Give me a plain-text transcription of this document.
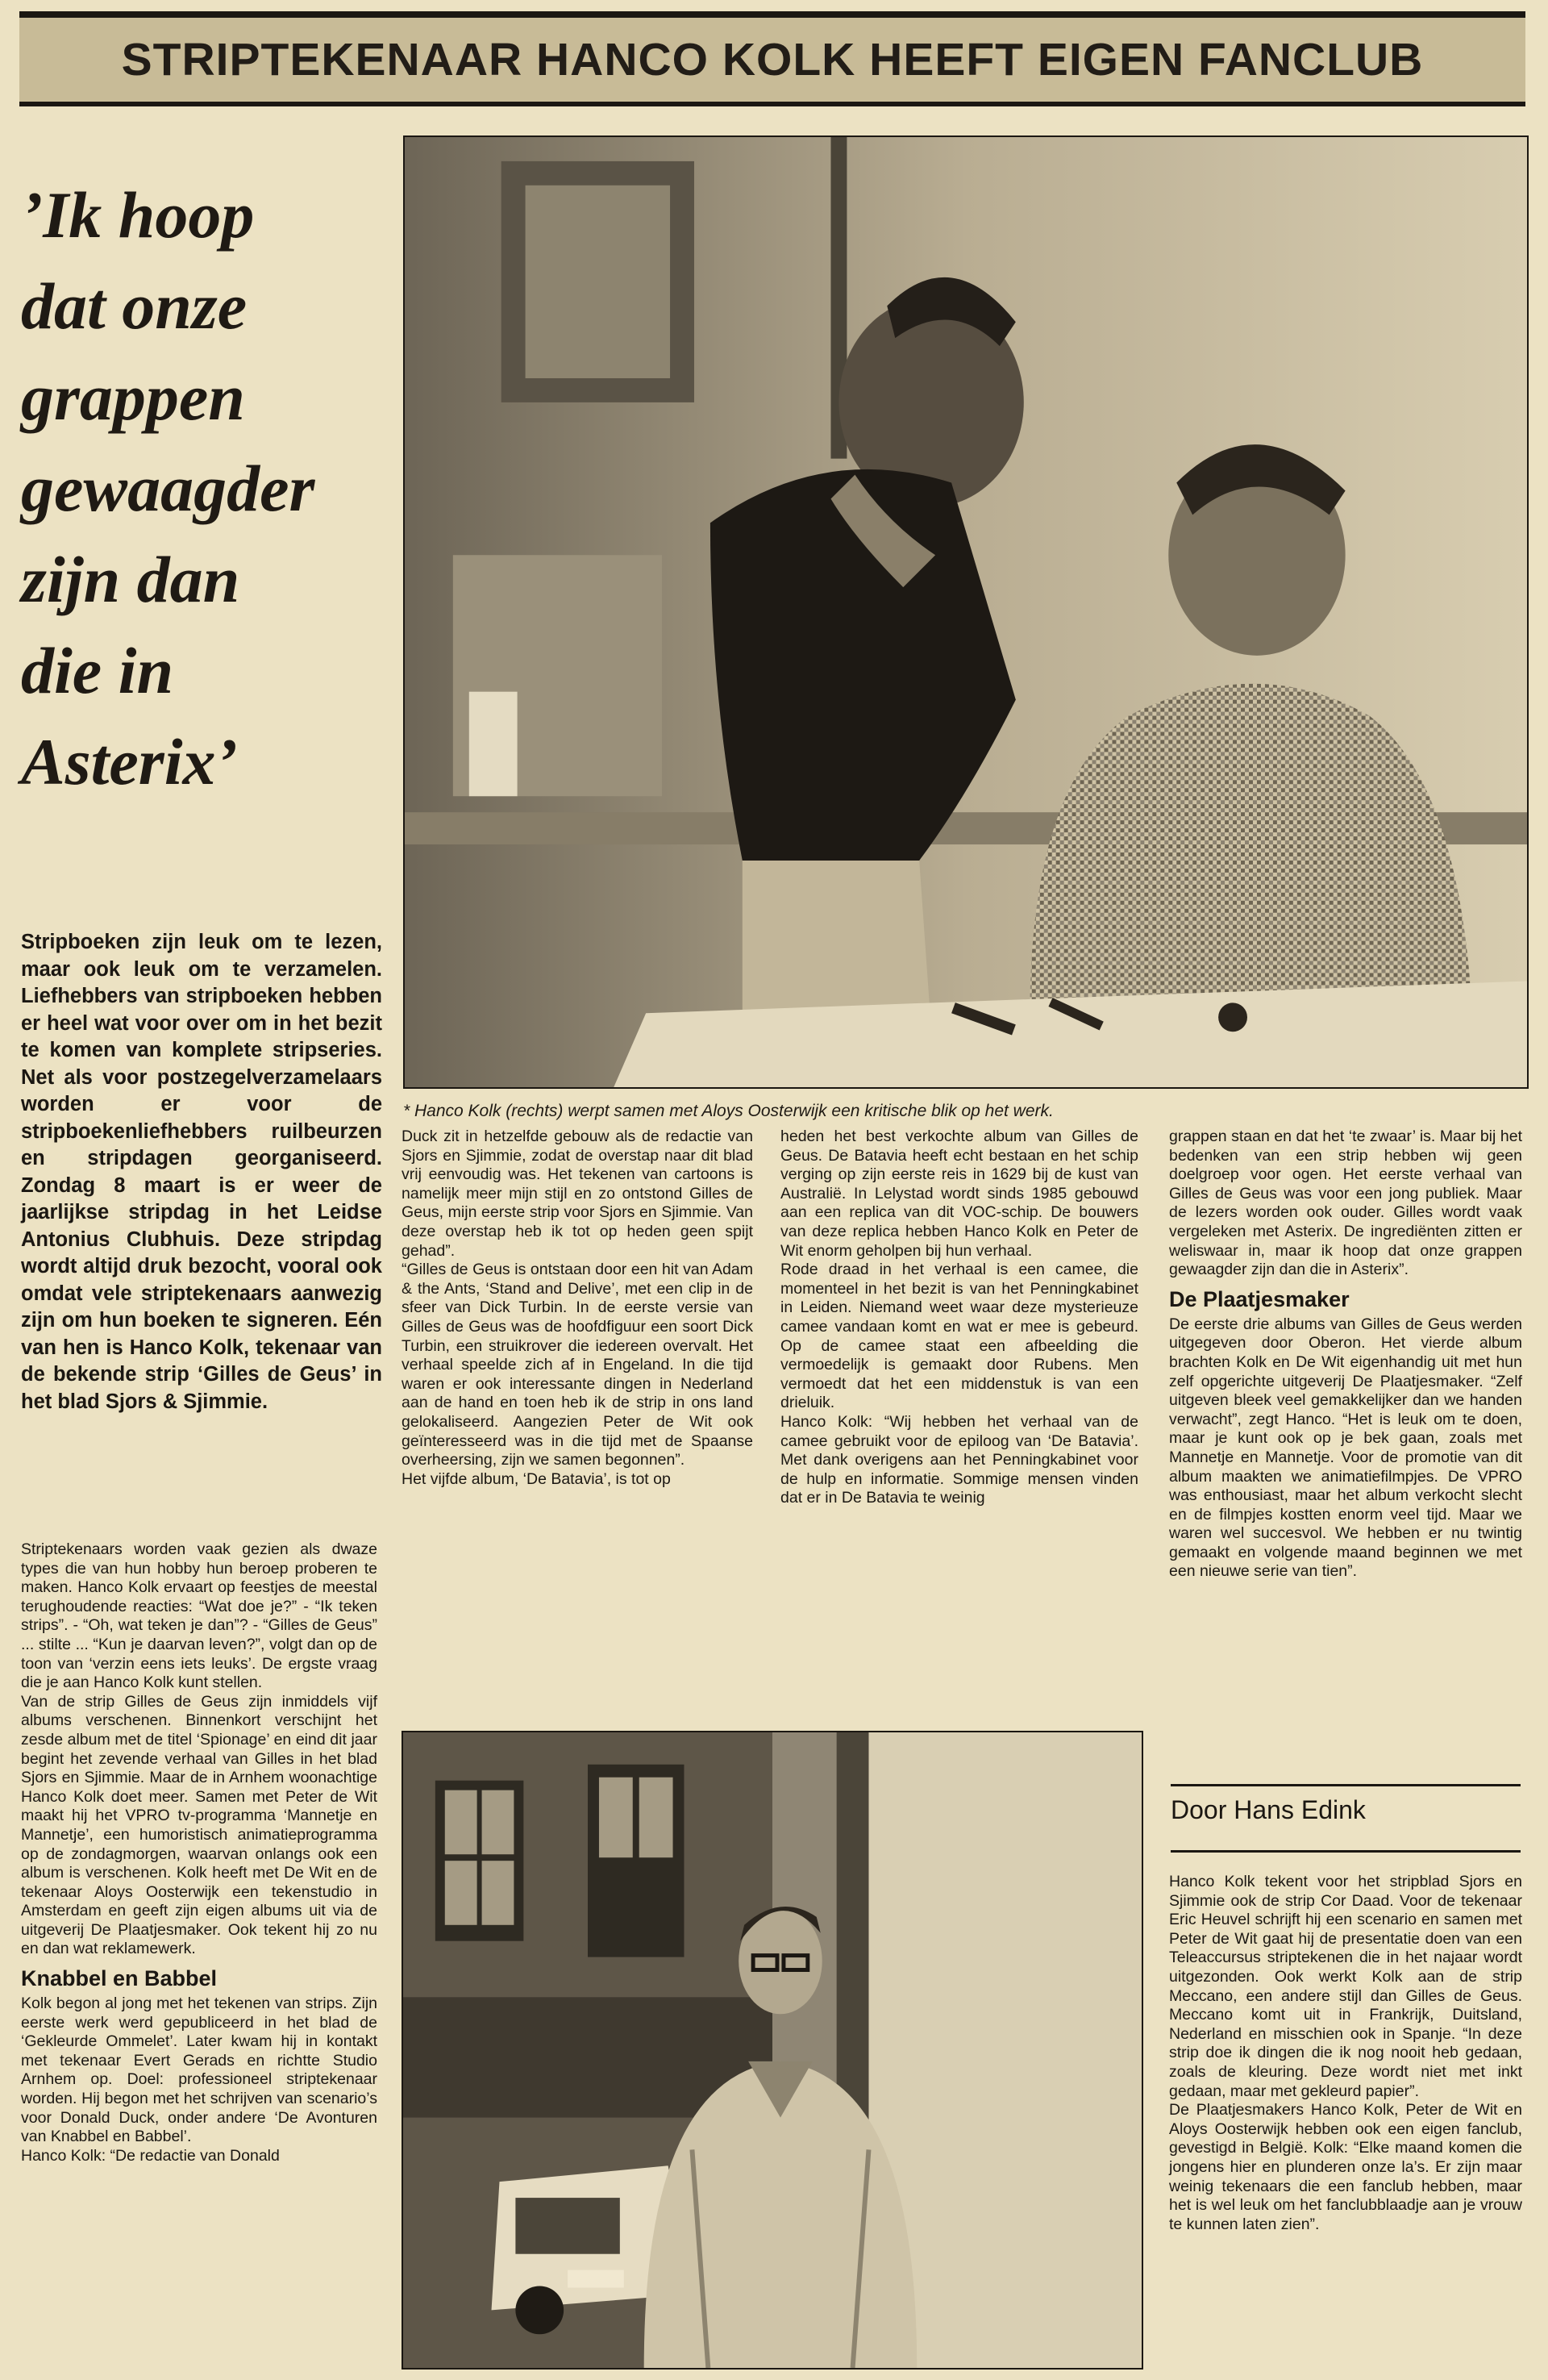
STRIPTEKENAAR HANCO KOLK HEEFT EIGEN FANCLUB
’Ik hoop
dat onze
grappen
gewaagder
zijn dan
die in
Asterix’
* Hanco Kolk (rechts) werpt samen met Aloys Oosterwijk een kritische blik op het werk.
Stripboeken zijn leuk om te lezen, maar ook leuk om te verzamelen. Liefhebbers van stripboeken hebben er heel wat voor over om in het bezit te komen van komplete stripseries. Net als voor postzegelverzamelaars worden er voor de stripboekenliefhebbers ruilbeurzen en stripdagen georganiseerd. Zondag 8 maart is er weer de jaarlijkse stripdag in het Leidse Antonius Clubhuis. Deze stripdag wordt altijd druk bezocht, vooral ook omdat vele striptekenaars aanwezig zijn om hun boeken te signeren. Eén van hen is Hanco Kolk, tekenaar van de bekende strip ‘Gilles de Geus’ in het blad Sjors & Sjimmie.

Striptekenaars worden vaak gezien als dwaze types die van hun hobby hun beroep proberen te maken. Hanco Kolk ervaart op feestjes de meestal terughoudende reacties: “Wat doe je?” - “Ik teken strips”. - “Oh, wat teken je dan”? - “Gilles de Geus” ... stilte ... “Kun je daarvan leven?”, volgt dan op de toon van ‘verzin eens iets leuks’. De ergste vraag die je aan Hanco Kolk kunt stellen.

Van de strip Gilles de Geus zijn inmiddels vijf albums verschenen. Binnenkort verschijnt het zesde album met de titel ‘Spionage’ en eind dit jaar begint het zevende verhaal van Gilles in het blad Sjors en Sjimmie. Maar de in Arnhem woonachtige Hanco Kolk doet meer. Samen met Peter de Wit maakt hij het VPRO tv-programma ‘Mannetje en Mannetje’, een humoristisch animatieprogramma op de zondagmorgen, waarvan onlangs ook een album is verschenen. Kolk heeft met De Wit en de tekenaar Aloys Oosterwijk een tekenstudio in Amsterdam en geeft zijn eigen albums uit via de uitgeverij De Plaatjesmaker. Ook tekent hij zo nu en dan wat reklamewerk.

Knabbel en Babbel

Kolk begon al jong met het tekenen van strips. Zijn eerste werk werd gepubliceerd in het blad de ‘Gekleurde Ommelet’. Later kwam hij in kontakt met tekenaar Evert Gerads en richtte Studio Arnhem op. Doel: professioneel striptekenaar worden. Hij begon met het schrijven van scenario’s voor Donald Duck, onder andere ‘De Avonturen van Knabbel en Babbel’.

Hanco Kolk: “De redactie van Donald

Duck zit in hetzelfde gebouw als de redactie van Sjors en Sjimmie, zodat de overstap naar dit blad vrij eenvoudig was. Het tekenen van cartoons is namelijk meer mijn stijl en zo ontstond Gilles de Geus, mijn eerste strip voor Sjors en Sjimmie. Van deze overstap heb ik tot op heden geen spijt gehad”.

“Gilles de Geus is ontstaan door een hit van Adam & the Ants, ‘Stand and Delive’, met een clip in de sfeer van Dick Turbin. In de eerste versie van Gilles de Geus was de hoofdfiguur een soort Dick Turbin, een struikrover die iedereen overvalt. Het verhaal speelde zich af in Engeland. In die tijd waren er ook interessante dingen in Nederland aan de hand en toen heb ik de strip in ons land gelokaliseerd. Aangezien Peter de Wit ook geïnteresseerd was in die tijd met de Spaanse overheersing, zijn we samen begonnen”.

Het vijfde album, ‘De Batavia’, is tot op

heden het best verkochte album van Gilles de Geus. De Batavia heeft echt bestaan en het schip verging op zijn eerste reis in 1629 bij de kust van Australië. In Lelystad wordt sinds 1985 gebouwd aan een replica van dit VOC-schip. De bouwers van deze replica hebben Hanco Kolk en Peter de Wit enorm geholpen bij hun verhaal.

Rode draad in het verhaal is een camee, die momenteel in het bezit is van het Penningkabinet in Leiden. Niemand weet waar deze mysterieuze camee vandaan komt en wat er mee is gebeurd. Op de camee staat een afbeelding die vermoedelijk is gemaakt door Rubens. Men vermoedt dat het een middenstuk is van een drieluik.

Hanco Kolk: “Wij hebben het verhaal van de camee gebruikt voor de epiloog van ‘De Batavia’. Met dank overigens aan het Penningkabinet voor de hulp en informatie. Sommige mensen vinden dat er in De Batavia te weinig

grappen staan en dat het ‘te zwaar’ is. Maar bij het bedenken van een strip hebben wij geen doelgroep voor ogen. Het eerste verhaal van Gilles de Geus was voor een jong publiek. Maar de lezers worden ook ouder. Gilles wordt vaak vergeleken met Asterix. De ingrediënten zitten er weliswaar in, maar ik hoop dat onze grappen gewaagder zijn dan die in Asterix”.

De Plaatjesmaker

De eerste drie albums van Gilles de Geus werden uitgegeven door Oberon. Het vierde album brachten Kolk en De Wit eigenhandig uit met hun zelf opgerichte uitgeverij De Plaatjesmaker. “Zelf uitgeven bleek veel gemakkelijker dan we handen verwacht”, zegt Hanco. “Het is leuk om te doen, maar je kunt ook op je bek gaan, zoals met Mannetje en Mannetje. Voor de promotie van dit album maakten we animatiefilmpjes. De VPRO was enthousiast, maar het album verkocht slecht en de filmpjes kostten enorm veel tijd. Maar we waren wel succesvol. We hebben er nu twintig gemaakt en volgende maand beginnen we met een nieuwe serie van tien”.

Door Hans Edink

Hanco Kolk tekent voor het stripblad Sjors en Sjimmie ook de strip Cor Daad. Voor de tekenaar Eric Heuvel schrijft hij een scenario en samen met Peter de Wit gaat hij de presentatie doen van een Teleaccursus striptekenen die in het najaar wordt uitgezonden. Ook werkt Kolk aan de strip Meccano, een andere stijl dan Gilles de Geus. Meccano komt uit in Frankrijk, Duitsland, Nederland en misschien ook in Spanje. “In deze strip doe ik dingen die ik nog nooit heb gedaan, zoals de kleuring. Deze wordt niet met inkt gedaan, maar met gekleurd papier”.

De Plaatjesmakers Hanco Kolk, Peter de Wit en Aloys Oosterwijk hebben ook een eigen fanclub, gevestigd in België. Kolk: “Elke maand komen die jongens hier en plunderen onze la’s. Er zijn maar weinig tekenaars die een fanclub hebben, maar het is wel leuk om het fanclubblaadje aan je vrouw te kunnen laten zien”.
